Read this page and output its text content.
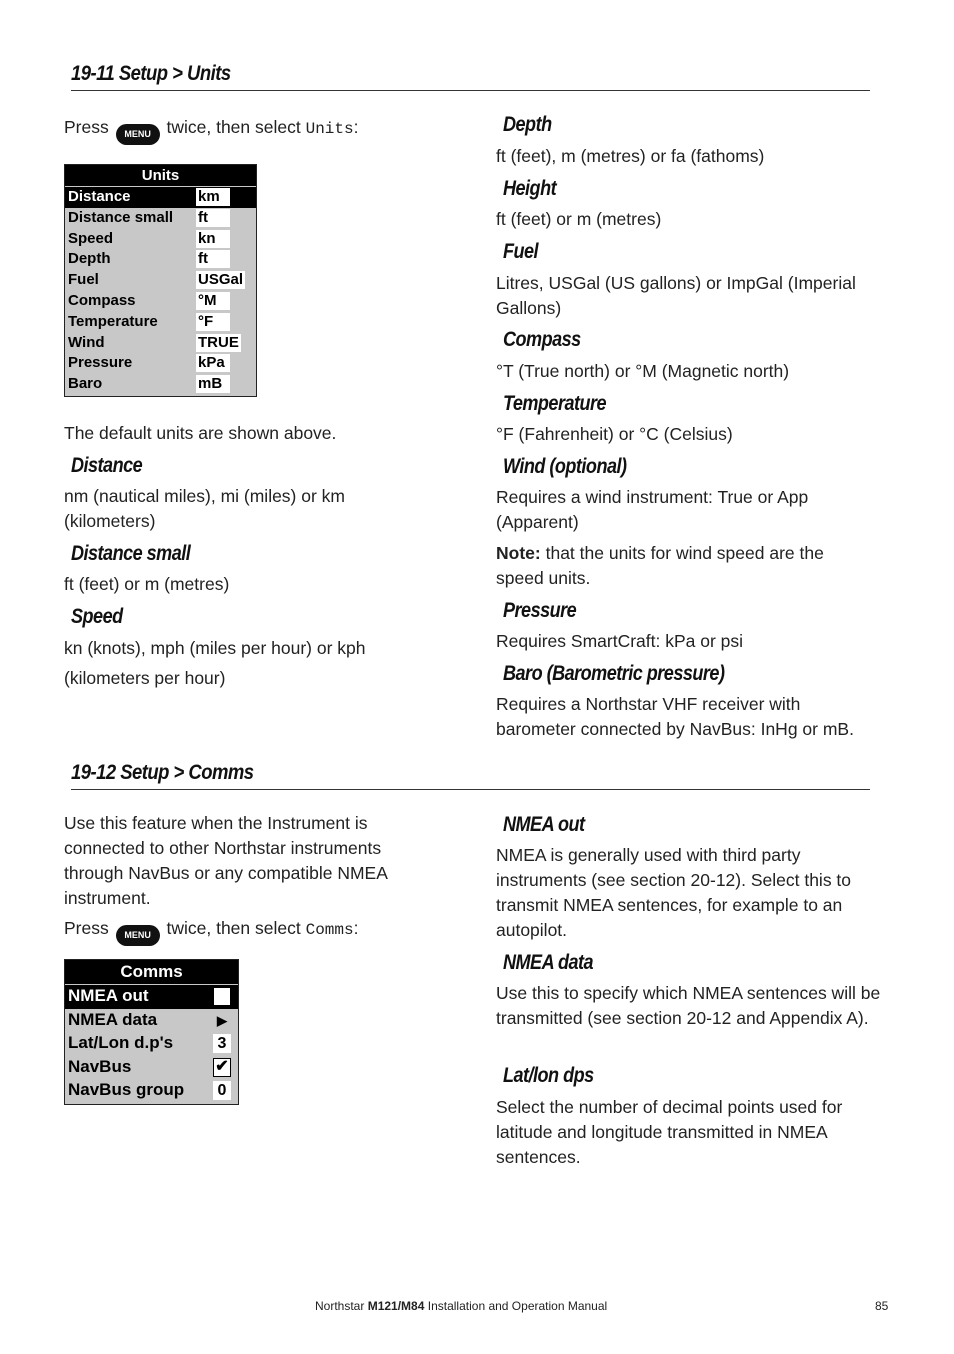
19-11 Setup > Units
Press MENU twice, then select Units:
Units
Distance	km
Distance small ft
Speed	kn
Depth	ft
Fuel	USGal
Compass	°M
Temperature	°F
Wind	TRUE
Pressure	kPa
Baro	mB
The default units are shown above.
Distance
nm (nautical miles), mi (miles) or km (kilometers)
Distance small
ft (feet) or m (metres)
Speed
kn (knots), mph (miles per hour) or kph
(kilometers per hour)
Depth
ft (feet), m (metres) or fa (fathoms)
Height
ft (feet) or m (metres)
Fuel
Litres, USGal (US gallons) or ImpGal (Imperial Gallons)
Compass
°T (True north) or °M (Magnetic north)
Temperature
°F (Fahrenheit) or °C (Celsius)
Wind (optional)
Requires a wind instrument: True or App (Apparent)
Note: that the units for wind speed are the speed units.
Pressure
Requires SmartCraft: kPa or psi
Baro (Barometric pressure)
Requires a Northstar VHF receiver with barometer connected by NavBus: InHg or mB.
19-12 Setup > Comms
Use this feature when the Instrument is connected to other Northstar instruments through NavBus or any compatible NMEA instrument.
Press MENU twice, then select Comms:
Comms
NMEA out
NMEA data	▶
Lat/Lon d.p's	3
NavBus	✔
NavBus group 0
NMEA out
NMEA is generally used with third party instruments (see section 20-12). Select this to transmit NMEA sentences, for example to an autopilot.
NMEA data
Use this to specify which NMEA sentences will be transmitted (see section 20-12 and Appendix A).
Lat/lon dps
Select the number of decimal points used for latitude and longitude transmitted in NMEA sentences.
Northstar M121/M84 Installation and Operation Manual	85
